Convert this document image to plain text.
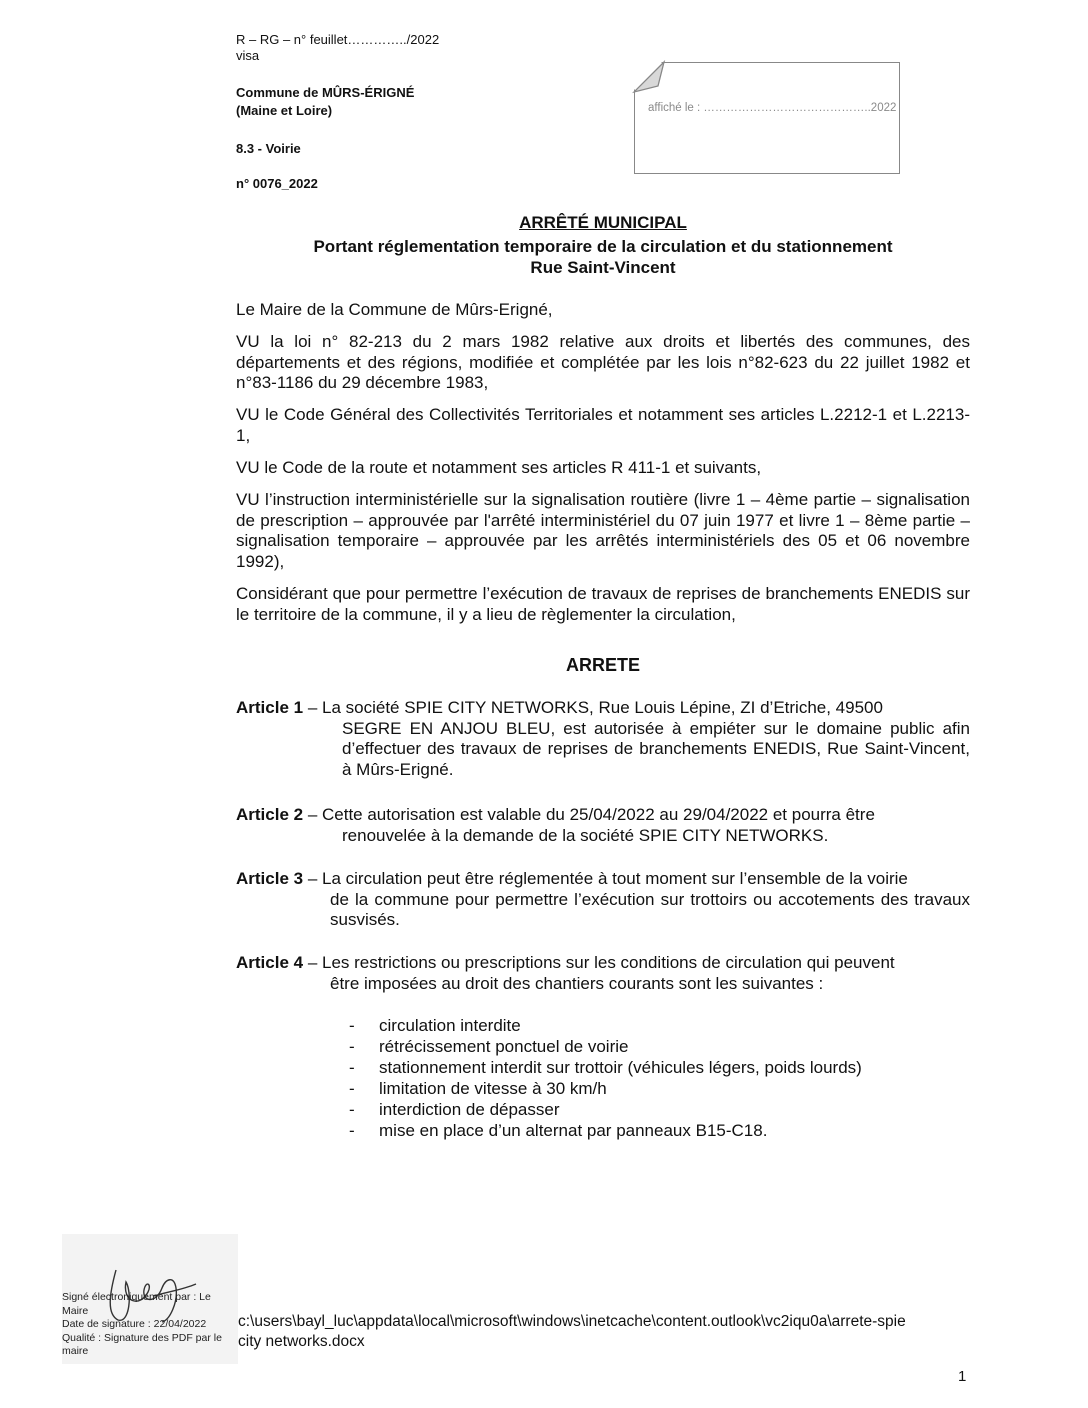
R – RG – n° feuillet…………../2022
visa
Commune de MÛRS-ÉRIGNÉ
(Maine et Loire)
8.3 - Voirie
n° 0076_2022
affiché le : ……………………………………..2022
ARRÊTÉ MUNICIPAL
Portant réglementation temporaire de la circulation et du stationnement
Rue Saint-Vincent
Le Maire de la Commune de Mûrs-Erigné,
VU la loi n° 82-213 du 2 mars 1982 relative aux droits et libertés des communes, des départements et des régions, modifiée et complétée par les lois n°82-623 du 22 juillet 1982 et n°83-1186 du 29 décembre 1983,
VU le Code Général des Collectivités Territoriales et notamment ses articles L.2212-1 et L.2213-1,
VU le Code de la route et notamment ses articles R 411-1 et suivants,
VU l’instruction interministérielle sur la signalisation routière (livre 1 – 4ème partie – signalisation de prescription – approuvée par l'arrêté interministériel du 07 juin 1977 et livre 1 – 8ème partie – signalisation temporaire – approuvée par les arrêtés interministériels des 05 et 06 novembre 1992),
Considérant que pour permettre l’exécution de travaux de reprises de branchements ENEDIS sur le territoire de la commune, il y a lieu de règlementer la circulation,
ARRETE
Article 1 – La société SPIE CITY NETWORKS, Rue Louis Lépine, ZI d’Etriche, 49500
SEGRE EN ANJOU BLEU, est autorisée à empiéter sur le domaine public afin d’effectuer des travaux de reprises de branchements ENEDIS, Rue Saint-Vincent, à Mûrs-Erigné.
Article 2 – Cette autorisation est valable du 25/04/2022 au 29/04/2022 et pourra être
renouvelée à la demande de la société SPIE CITY NETWORKS.
Article 3 – La circulation peut être réglementée à tout moment sur l’ensemble de la voirie
de la commune pour permettre l’exécution sur trottoirs ou accotements des travaux susvisés.
Article 4 – Les restrictions ou prescriptions sur les conditions de circulation qui peuvent
être imposées au droit des chantiers courants sont les suivantes :
- circulation interdite
- rétrécissement ponctuel de voirie
- stationnement interdit sur trottoir (véhicules légers, poids lourds)
- limitation de vitesse à 30 km/h
- interdiction de dépasser
- mise en place d’un alternat par panneaux B15-C18.
Signé électroniquement par : Le Maire
Date de signature : 22/04/2022
Qualité : Signature des PDF par le maire
c:\users\bayl_luc\appdata\local\microsoft\windows\inetcache\content.outlook\vc2iqu0a\arrete-spie
city networks.docx
1
